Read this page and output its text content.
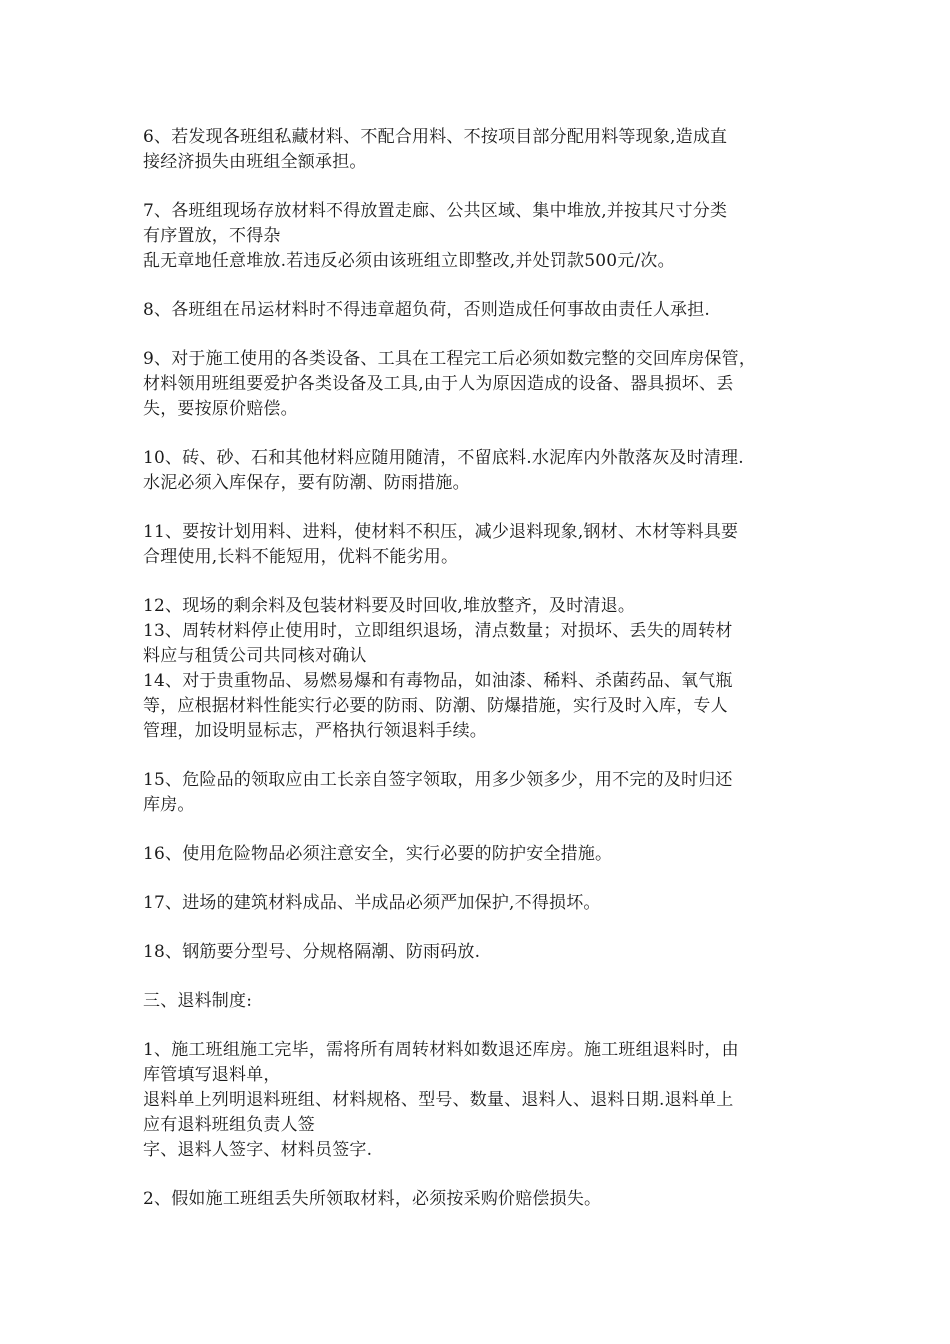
6、若发现各班组私藏材料、不配合用料、不按项目部分配用料等现象,造成直
接经济损失由班组全额承担。
7、各班组现场存放材料不得放置走廊、公共区域、集中堆放,并按其尺寸分类
有序置放，不得杂
乱无章地任意堆放.若违反必须由该班组立即整改,并处罚款500元/次。
8、各班组在吊运材料时不得违章超负荷，否则造成任何事故由责任人承担.
9、对于施工使用的各类设备、工具在工程完工后必须如数完整的交回库房保管，
材料领用班组要爱护各类设备及工具,由于人为原因造成的设备、器具损坏、丢
失，要按原价赔偿。
10、砖、砂、石和其他材料应随用随清，不留底料.水泥库内外散落灰及时清理.
水泥必须入库保存，要有防潮、防雨措施。
11、要按计划用料、进料，使材料不积压，减少退料现象,钢材、木材等料具要
合理使用,长料不能短用，优料不能劣用。
12、现场的剩余料及包装材料要及时回收,堆放整齐，及时清退。
13、周转材料停止使用时，立即组织退场，清点数量；对损坏、丢失的周转材
料应与租赁公司共同核对确认
14、对于贵重物品、易燃易爆和有毒物品，如油漆、稀料、杀菌药品、氧气瓶
等，应根据材料性能实行必要的防雨、防潮、防爆措施，实行及时入库，专人
管理，加设明显标志，严格执行领退料手续。
15、危险品的领取应由工长亲自签字领取，用多少领多少，用不完的及时归还
库房。
16、使用危险物品必须注意安全，实行必要的防护安全措施。
17、进场的建筑材料成品、半成品必须严加保护,不得损坏。
18、钢筋要分型号、分规格隔潮、防雨码放.
三、退料制度:
1、施工班组施工完毕，需将所有周转材料如数退还库房。施工班组退料时，由
库管填写退料单，
退料单上列明退料班组、材料规格、型号、数量、退料人、退料日期.退料单上
应有退料班组负责人签
字、退料人签字、材料员签字.
2、假如施工班组丢失所领取材料，必须按采购价赔偿损失。
